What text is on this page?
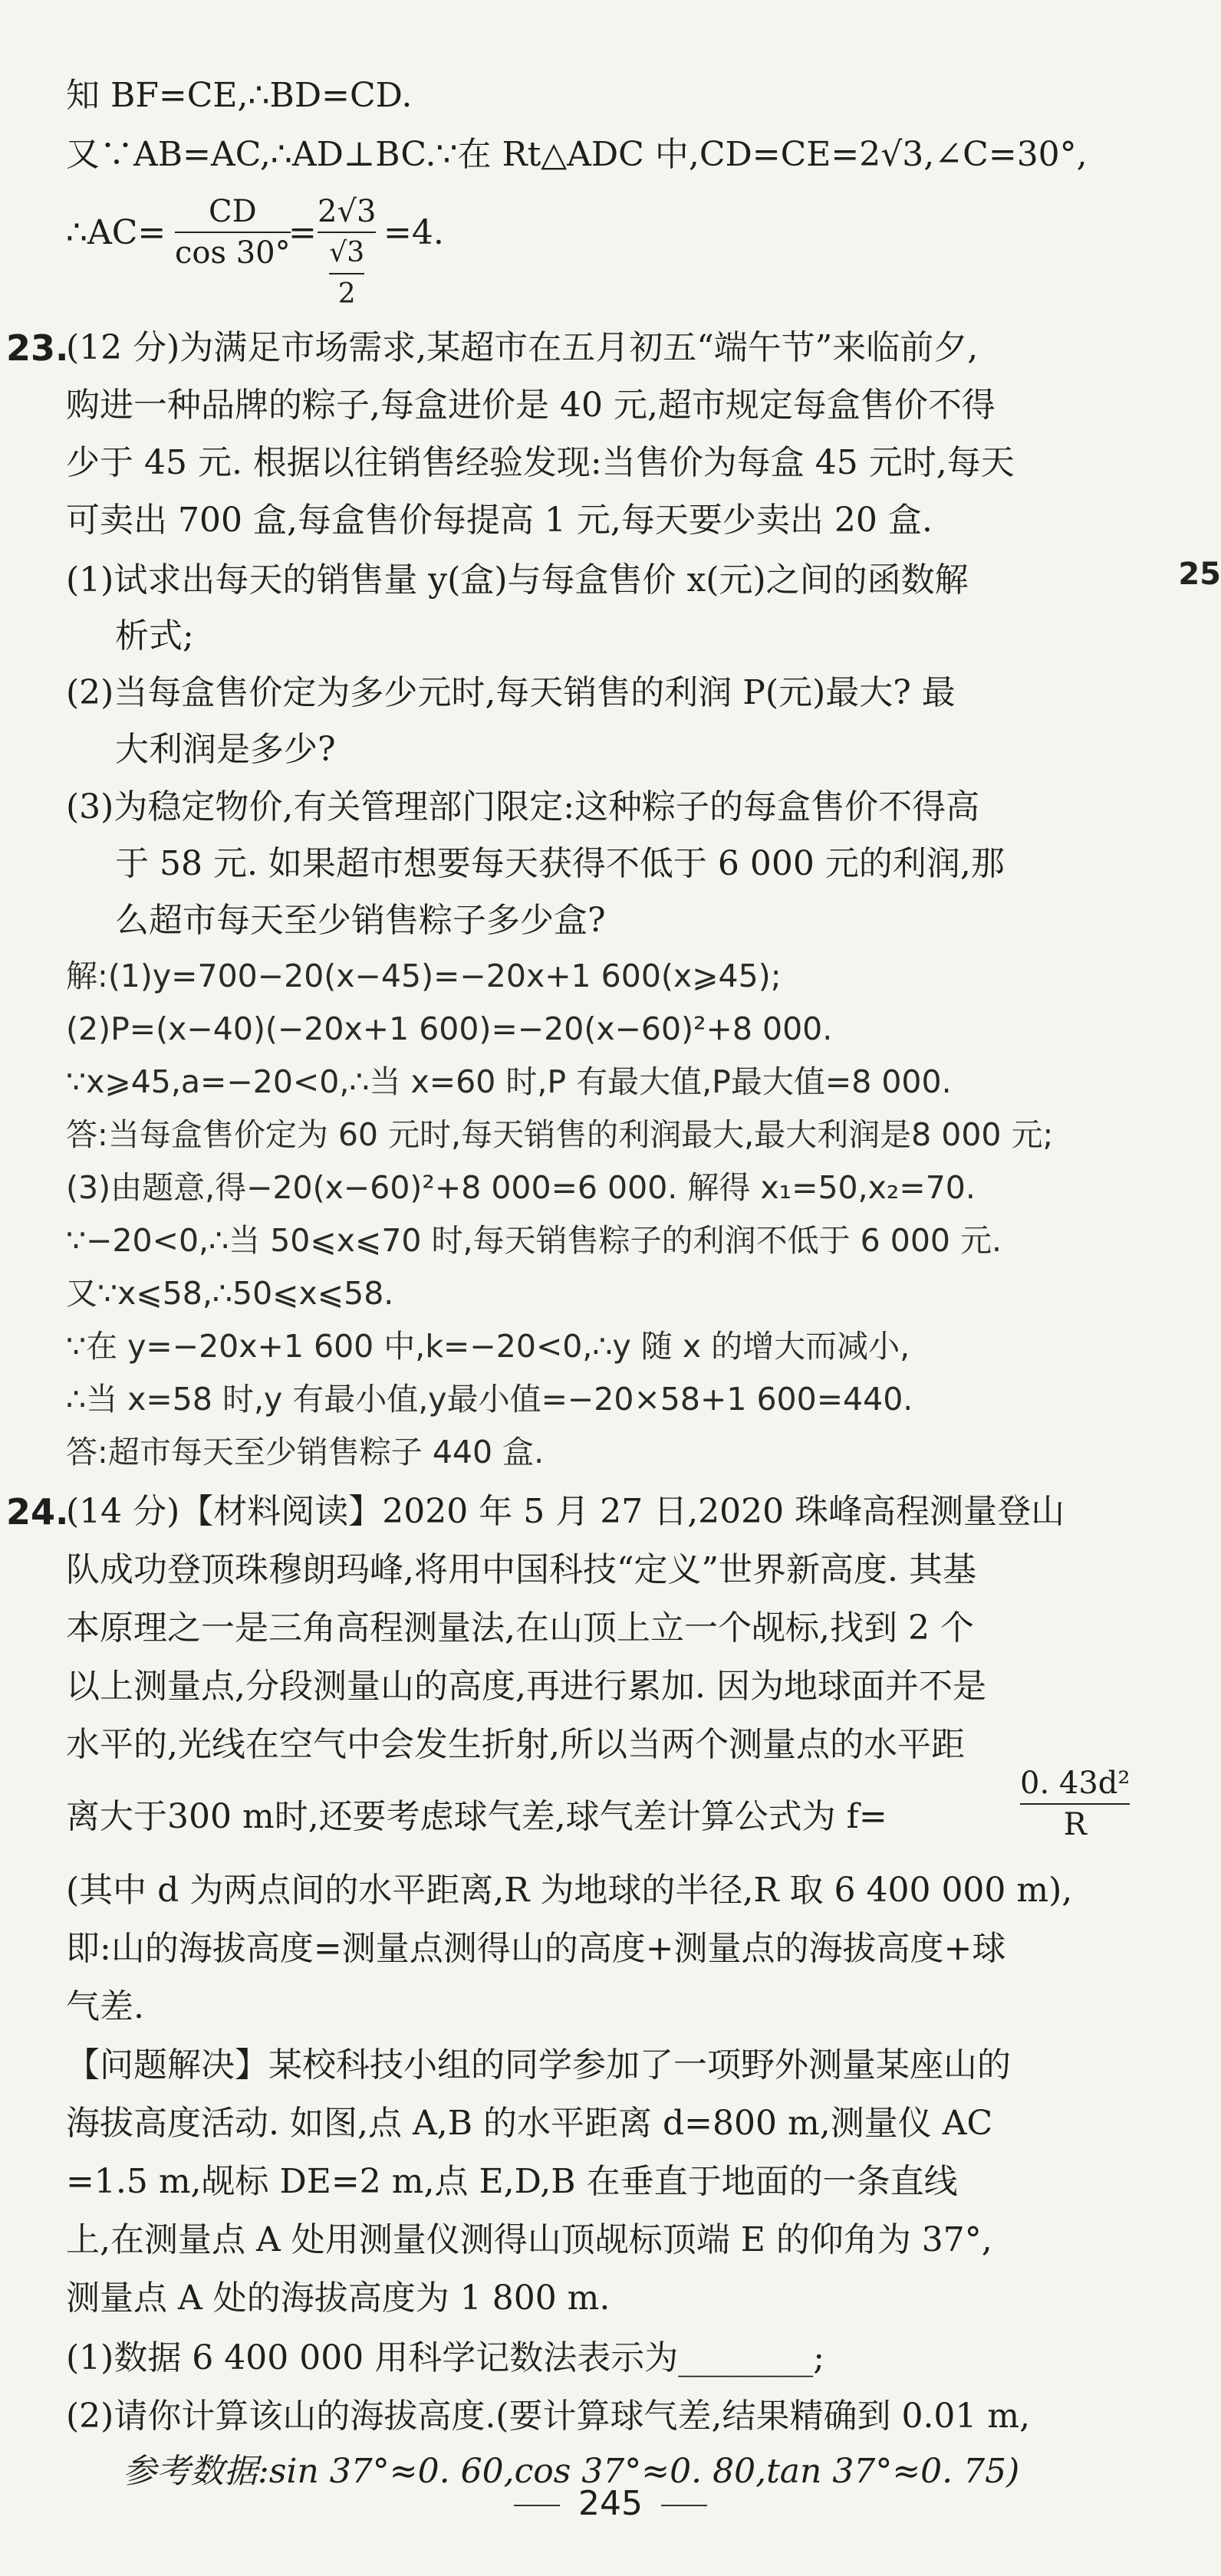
知 BF=CE,∴BD=CD.
又∵AB=AC,∴AD⊥BC.∵在 Rt△ADC 中,CD=CE=2√3,∠C=30°,
∴AC=
CD
cos 30°
=
2√3
$\frac{√3}{2}$
=4.
23.
(12 分)为满足市场需求,某超市在五月初五“端午节”来临前夕,
购进一种品牌的粽子,每盒进价是 40 元,超市规定每盒售价不得
少于 45 元. 根据以往销售经验发现:当售价为每盒 45 元时,每天
可卖出 700 盒,每盒售价每提高 1 元,每天要少卖出 20 盒.
(1)试求出每天的销售量 y(盒)与每盒售价 x(元)之间的函数解
析式;
(2)当每盒售价定为多少元时,每天销售的利润 P(元)最大? 最
大利润是多少?
(3)为稳定物价,有关管理部门限定:这种粽子的每盒售价不得高
于 58 元. 如果超市想要每天获得不低于 6 000 元的利润,那
么超市每天至少销售粽子多少盒?
解:(1)y=700−20(x−45)=−20x+1 600(x⩾45);
(2)P=(x−40)(−20x+1 600)=−20(x−60)²+8 000.
∵x⩾45,a=−20<0,∴当 x=60 时,P 有最大值,P最大值=8 000.
答:当每盒售价定为 60 元时,每天销售的利润最大,最大利润是8 000 元;
(3)由题意,得−20(x−60)²+8 000=6 000. 解得 x₁=50,x₂=70.
∵−20<0,∴当 50⩽x⩽70 时,每天销售粽子的利润不低于 6 000 元.
又∵x⩽58,∴50⩽x⩽58.
∵在 y=−20x+1 600 中,k=−20<0,∴y 随 x 的增大而减小,
∴当 x=58 时,y 有最小值,y最小值=−20×58+1 600=440.
答:超市每天至少销售粽子 440 盒.
25
24.
(14 分)【材料阅读】2020 年 5 月 27 日,2020 珠峰高程测量登山
队成功登顶珠穆朗玛峰,将用中国科技“定义”世界新高度. 其基
本原理之一是三角高程测量法,在山顶上立一个觇标,找到 2 个
以上测量点,分段测量山的高度,再进行累加. 因为地球面并不是
水平的,光线在空气中会发生折射,所以当两个测量点的水平距
离大于300 m时,还要考虑球气差,球气差计算公式为 f=
0. 43d²
R
(其中 d 为两点间的水平距离,R 为地球的半径,R 取 6 400 000 m),
即:山的海拔高度=测量点测得山的高度+测量点的海拔高度+球
气差.
【问题解决】某校科技小组的同学参加了一项野外测量某座山的
海拔高度活动. 如图,点 A,B 的水平距离 d=800 m,测量仪 AC
=1.5 m,觇标 DE=2 m,点 E,D,B 在垂直于地面的一条直线
上,在测量点 A 处用测量仪测得山顶觇标顶端 E 的仰角为 37°,
测量点 A 处的海拔高度为 1 800 m.
(1)数据 6 400 000 用科学记数法表示为________;
(2)请你计算该山的海拔高度.(要计算球气差,结果精确到 0.01 m,
参考数据:sin 37°≈0. 60,cos 37°≈0. 80,tan 37°≈0. 75)
245
